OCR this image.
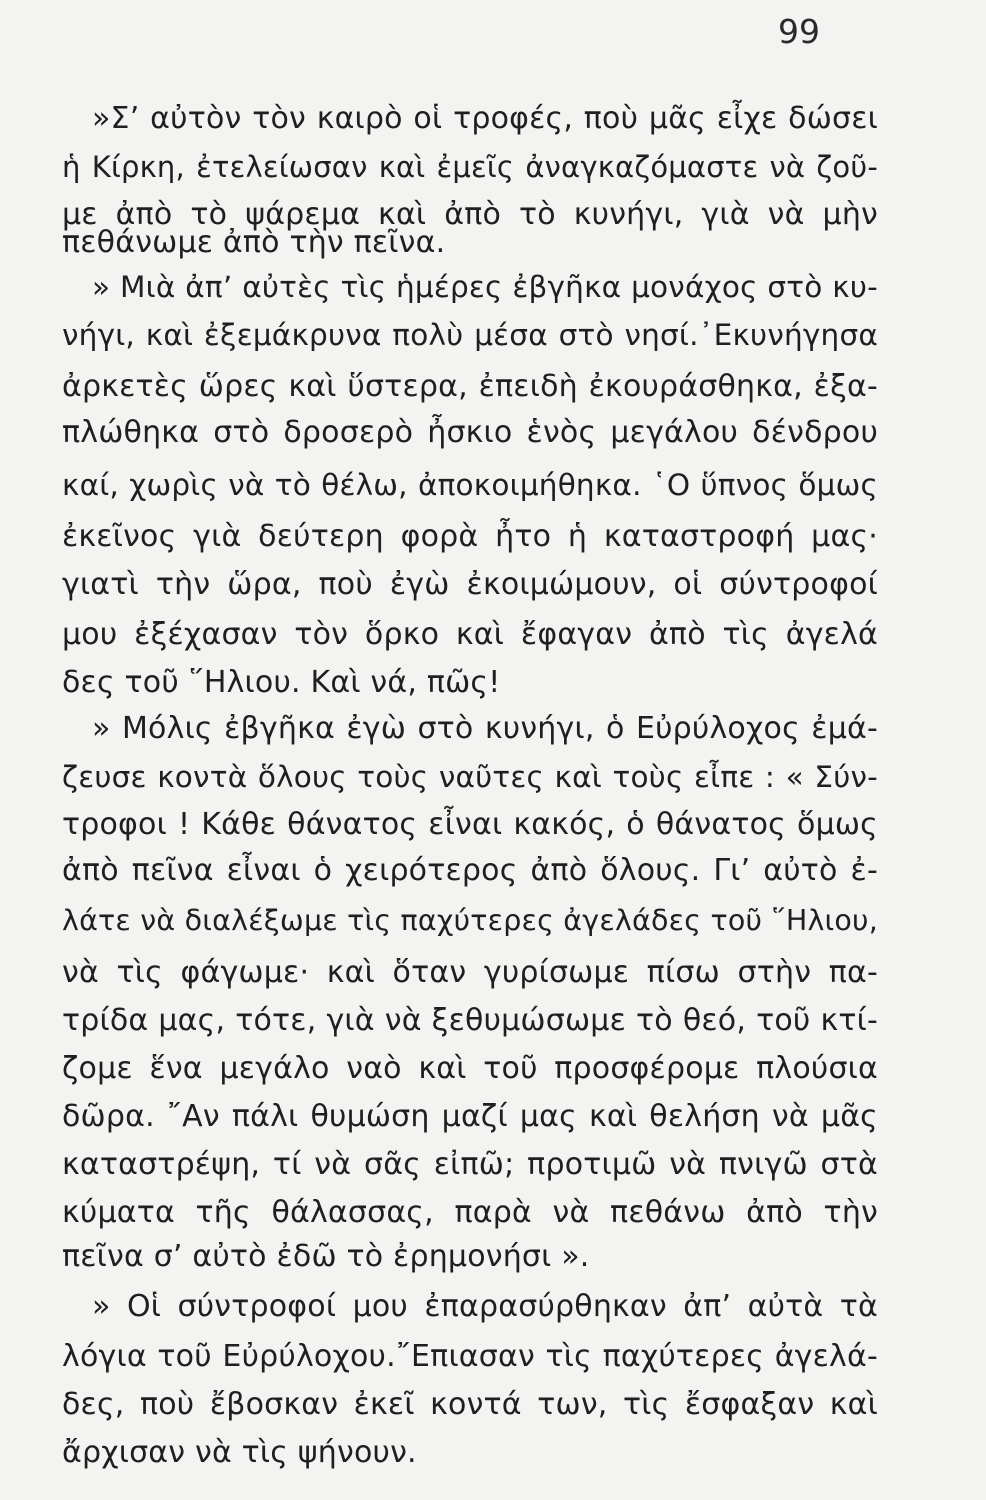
99
»Σ’ αὐτὸν τὸν καιρὸ οἱ τροφές, ποὺ μᾶς εἶχε δώσει
ἡ Κίρκη, ἐτελείωσαν καὶ ἐμεῖς ἀναγκαζόμαστε νὰ ζοῦ-
με ἀπὸ τὸ ψάρεμα καὶ ἀπὸ τὸ κυνήγι, γιὰ νὰ μὴν
πεθάνωμε ἀπὸ τὴν πεῖνα.
» Μιὰ ἀπ’ αὐτὲς τὶς ἡμέρες ἐβγῆκα μονάχος στὸ κυ-
νήγι, καὶ ἐξεμάκρυνα πολὺ μέσα στὸ νησί.᾿Εκυνήγησα
ἀρκετὲς ὥρες καὶ ὕστερα, ἐπειδὴ ἐκουράσθηκα, ἐξα-
πλώθηκα στὸ δροσερὸ ἦσκιο ἑνὸς μεγάλου δένδρου
καί, χωρὶς νὰ τὸ θέλω, ἀποκοιμήθηκα. ῾Ο ὕπνος ὅμως
ἐκεῖνος γιὰ δεύτερη φορὰ ἦτο ἡ καταστροφή μας·
γιατὶ τὴν ὥρα, ποὺ ἐγὼ ἐκοιμώμουν, οἱ σύντροφοί
μου ἐξέχασαν τὸν ὅρκο καὶ ἔφαγαν ἀπὸ τὶς ἀγελά
δες τοῦ ῞Ηλιου. Καὶ νά, πῶς!
» Μόλις ἐβγῆκα ἐγὼ στὸ κυνήγι, ὁ Εὐρύλοχος ἐμά-
ζευσε κοντὰ ὅλους τοὺς ναῦτες καὶ τοὺς εἶπε : « Σύν-
τροφοι ! Κάθε θάνατος εἶναι κακός, ὁ θάνατος ὅμως
ἀπὸ πεῖνα εἶναι ὁ χειρότερος ἀπὸ ὅλους. Γι’ αὐτὸ ἐ-
λάτε νὰ διαλέξωμε τὶς παχύτερες ἀγελάδες τοῦ ῞Ηλιου,
νὰ τὶς φάγωμε· καὶ ὅταν γυρίσωμε πίσω στὴν πα-
τρίδα μας, τότε, γιὰ νὰ ξεθυμώσωμε τὸ θεό, τοῦ κτί-
ζομε ἕνα μεγάλο ναὸ καὶ τοῦ προσφέρομε πλούσια
δῶρα. ῎Αν πάλι θυμώση μαζί μας καὶ θελήση νὰ μᾶς
καταστρέψη, τί νὰ σᾶς εἰπῶ; προτιμῶ νὰ πνιγῶ στὰ
κύματα τῆς θάλασσας, παρὰ νὰ πεθάνω ἀπὸ τὴν
πεῖνα σ’ αὐτὸ ἐδῶ τὸ ἐρημονήσι ».
» Οἱ σύντροφοί μου ἐπαρασύρθηκαν ἀπ’ αὐτὰ τὰ
λόγια τοῦ Εὐρύλοχου.῎Επιασαν τὶς παχύτερες ἀγελά-
δες, ποὺ ἔβοσκαν ἐκεῖ κοντά των, τὶς ἔσφαξαν καὶ
ἄρχισαν νὰ τὶς ψήνουν.
